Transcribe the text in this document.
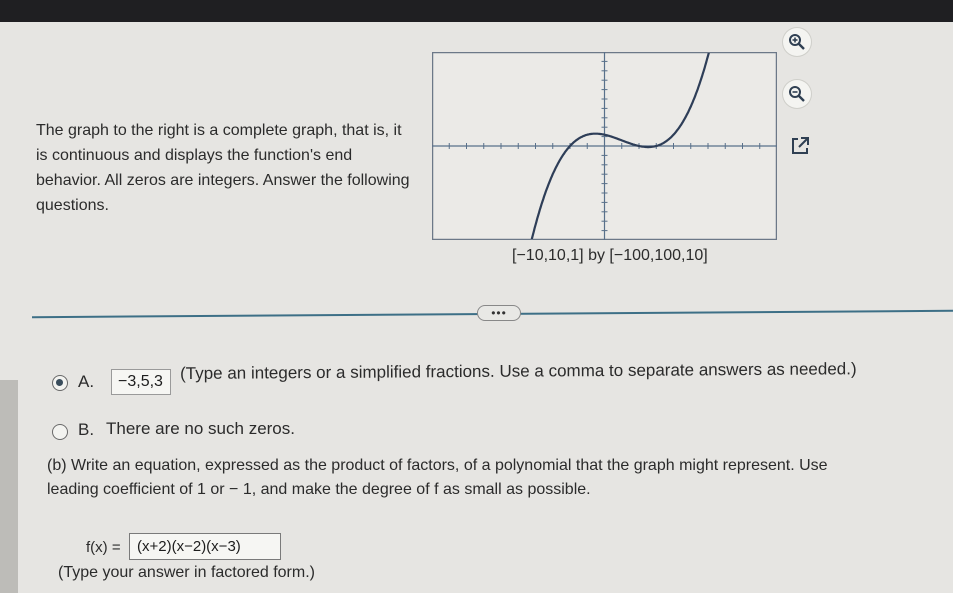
The graph to the right is a complete graph, that is, it is continuous and displays the function's end behavior. All zeros are integers. Answer the following questions.

[−10,10,1] by [−100,100,10]
•••
A.	−3,5,3	(Type an integers or a simplified fractions. Use a comma to separate answers as needed.)
B. There are no such zeros.

(b) Write an equation, expressed as the product of factors, of a polynomial that the graph might represent. Use
leading coefficient of 1 or − 1, and make the degree of f as small as possible.

f(x) =	(x+2)(x−2)(x−3)
(Type your answer in factored form.)
